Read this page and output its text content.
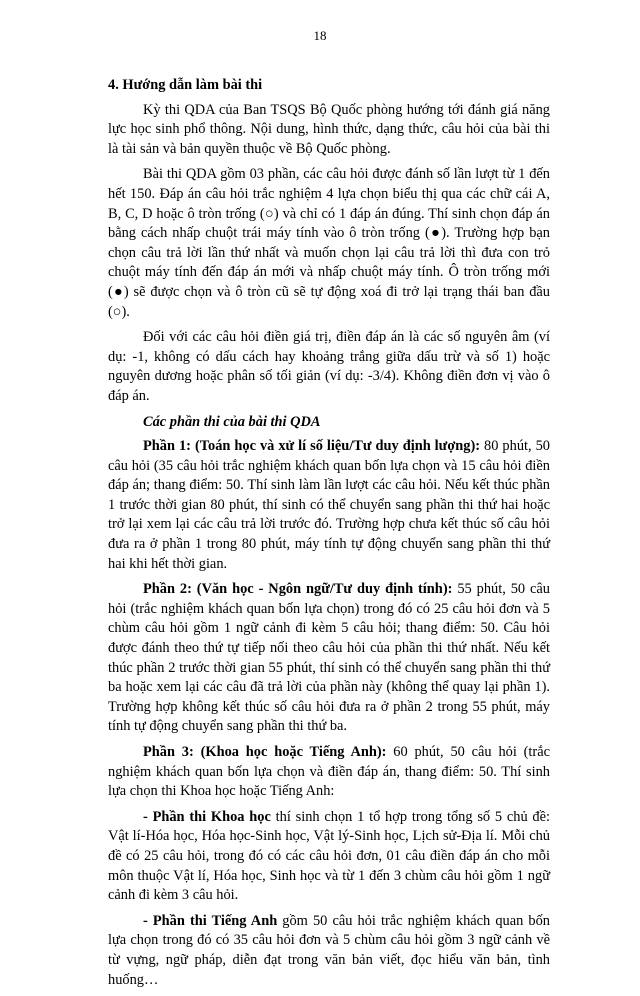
18

4. Hướng dẫn làm bài thi

Kỳ thi QDA của Ban TSQS Bộ Quốc phòng hướng tới đánh giá năng lực học sinh phổ thông. Nội dung, hình thức, dạng thức, câu hỏi của bài thi là tài sản và bản quyền thuộc về Bộ Quốc phòng.

Bài thi QDA gồm 03 phần, các câu hỏi được đánh số lần lượt từ 1 đến hết 150. Đáp án câu hỏi trắc nghiệm 4 lựa chọn biểu thị qua các chữ cái A, B, C, D hoặc ô tròn trống (○) và chỉ có 1 đáp án đúng. Thí sinh chọn đáp án bằng cách nhấp chuột trái máy tính vào ô tròn trống (●). Trường hợp bạn chọn câu trả lời lần thứ nhất và muốn chọn lại câu trả lời thì đưa con trỏ chuột máy tính đến đáp án mới và nhấp chuột máy tính. Ô tròn trống mới (●) sẽ được chọn và ô tròn cũ sẽ tự động xoá đi trở lại trạng thái ban đầu (○).

Đối với các câu hỏi điền giá trị, điền đáp án là các số nguyên âm (ví dụ: -1, không có dấu cách hay khoảng trắng giữa dấu trừ và số 1) hoặc nguyên dương hoặc phân số tối giản (ví dụ: -3/4). Không điền đơn vị vào ô đáp án.

Các phần thi của bài thi QDA

Phần 1: (Toán học và xử lí số liệu/Tư duy định lượng): 80 phút, 50 câu hỏi (35 câu hỏi trắc nghiệm khách quan bốn lựa chọn và 15 câu hỏi điền đáp án; thang điểm: 50. Thí sinh làm lần lượt các câu hỏi. Nếu kết thúc phần 1 trước thời gian 80 phút, thí sinh có thể chuyển sang phần thi thứ hai hoặc trở lại xem lại các câu trả lời trước đó. Trường hợp chưa kết thúc số câu hỏi đưa ra ở phần 1 trong 80 phút, máy tính tự động chuyển sang phần thi thứ hai khi hết thời gian.

Phần 2: (Văn học - Ngôn ngữ/Tư duy định tính): 55 phút, 50 câu hỏi (trắc nghiệm khách quan bốn lựa chọn) trong đó có 25 câu hỏi đơn và 5 chùm câu hỏi gồm 1 ngữ cảnh đi kèm 5 câu hỏi; thang điểm: 50. Câu hỏi được đánh theo thứ tự tiếp nối theo câu hỏi của phần thi thứ nhất. Nếu kết thúc phần 2 trước thời gian 55 phút, thí sinh có thể chuyển sang phần thi thứ ba hoặc xem lại các câu đã trả lời của phần này (không thể quay lại phần 1). Trường hợp không kết thúc số câu hỏi đưa ra ở phần 2 trong 55 phút, máy tính tự động chuyển sang phần thi thứ ba.

Phần 3: (Khoa học hoặc Tiếng Anh): 60 phút, 50 câu hỏi (trắc nghiệm khách quan bốn lựa chọn và điền đáp án, thang điểm: 50. Thí sinh lựa chọn thi Khoa học hoặc Tiếng Anh:

- Phần thi Khoa học thí sinh chọn 1 tổ hợp trong tổng số 5 chủ đề: Vật lí-Hóa học, Hóa học-Sinh học, Vật lý-Sinh học, Lịch sử-Địa lí. Mỗi chủ đề có 25 câu hỏi, trong đó có các câu hỏi đơn, 01 câu điền đáp án cho mỗi môn thuộc Vật lí, Hóa học, Sinh học và từ 1 đến 3 chùm câu hỏi gồm 1 ngữ cảnh đi kèm 3 câu hỏi.

- Phần thi Tiếng Anh gồm 50 câu hỏi trắc nghiệm khách quan bốn lựa chọn trong đó có 35 câu hỏi đơn và 5 chùm câu hỏi gồm 3 ngữ cảnh về từ vựng, ngữ pháp, diễn đạt trong văn bản viết, đọc hiểu văn bản, tình huống…
